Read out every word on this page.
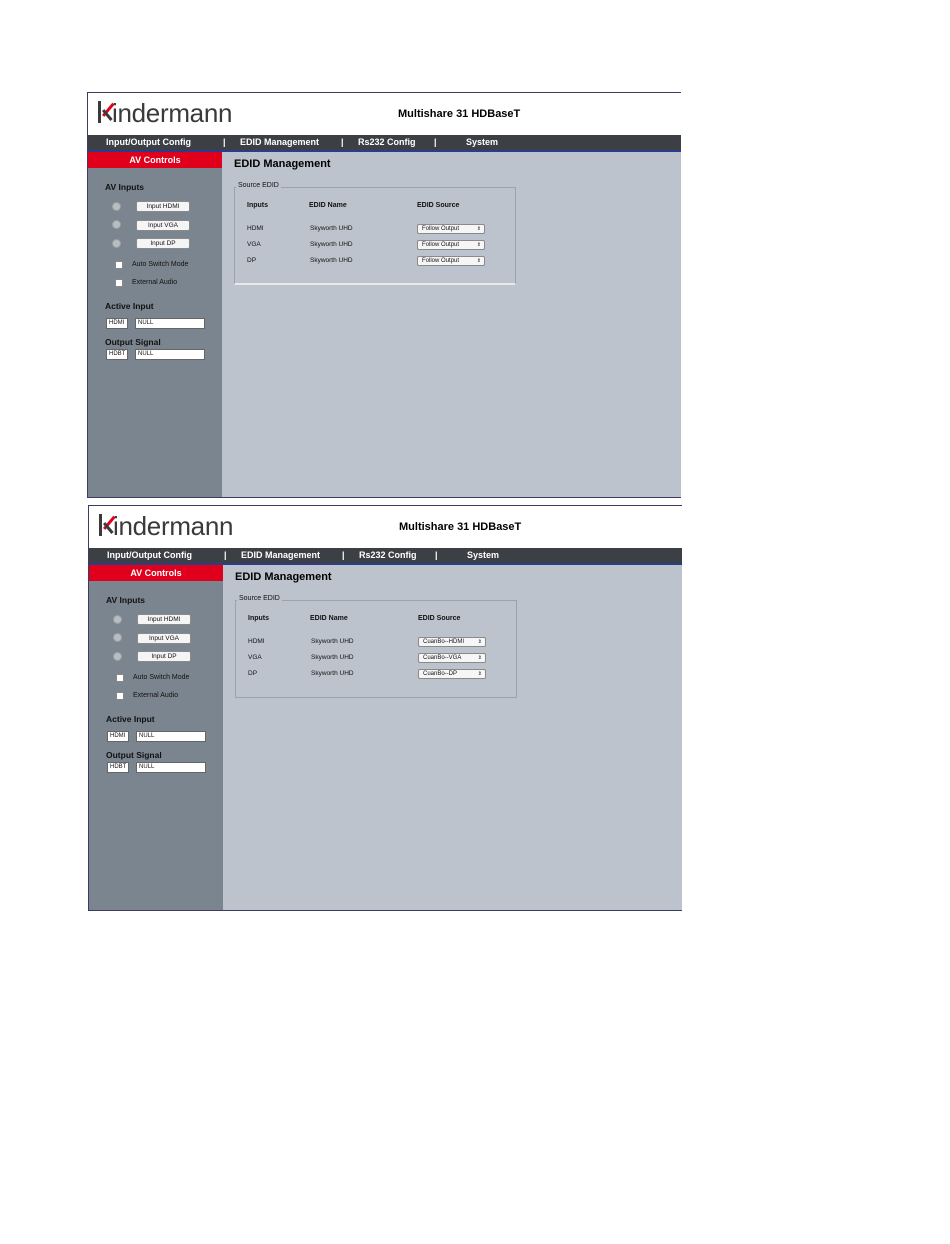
indermann	Multishare 31 HDBaseT
Input/Output Config	| EDID Management | Rs232 Config |	System
AV Controls
AV Inputs
Input HDMI
Input VGA
Input DP
Auto Switch Mode
External Audio
Active Input
HDMI	NULL
Output Signal
HDBT	NULL
EDID Management
Source EDID
Inputs	EDID Name	EDID Source
HDMI	Skyworth UHD	Follow Output	⇕
VGA	Skyworth UHD	Follow Output	⇕
DP	Skyworth UHD	Follow Output	⇕
indermann	Multishare 31 HDBaseT
Input/Output Config	| EDID Management | Rs232 Config |	System
AV Controls
AV Inputs
Input HDMI
Input VGA
Input DP
Auto Switch Mode
External Audio
Active Input
HDMI	NULL
Output Signal
HDBT	NULL
EDID Management
Source EDID
Inputs	EDID Name	EDID Source
HDMI	Skyworth UHD	CuanBo--HDMI	⇕
VGA	Skyworth UHD	CuanBo--VGA	⇕
DP	Skyworth UHD	CuanBo--DP	⇕
